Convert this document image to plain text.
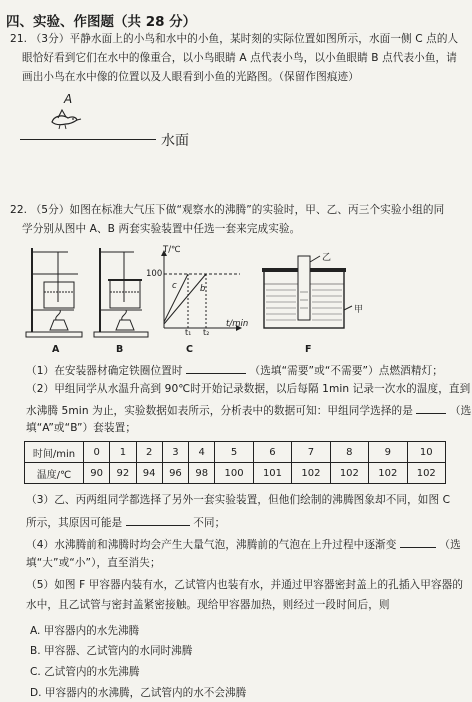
四、实验、作图题（共 28 分）
21. （3分）平静水面上的小鸟和水中的小鱼，某时刻的实际位置如图所示，水面一侧 C 点的人
眼恰好看到它们在水中的像重合，以小鸟眼睛 A 点代表小鸟，以小鱼眼睛 B 点代表小鱼，请
画出小鸟在水中像的位置以及人眼看到小鱼的光路图。（保留作图痕迹）
A
水面
22. （5分）如图在标准大气压下做“观察水的沸腾”的实验时，甲、乙、丙三个实验小组的同
学分别从图中 A、B 两套实验装置中任选一套来完成实验。
A	B
T/℃
100
t/min
c	b
t₁ t₂
C
乙
甲
F
（1）在安装器材确定铁圈位置时	（选填“需要”或“不需要”）点燃酒精灯；
（2）甲组同学从水温升高到 90℃时开始记录数据，以后每隔 1min 记录一次水的温度，直到
水沸腾 5min 为止，实验数据如表所示，分析表中的数据可知：甲组同学选择的是	（选
填“A”或“B”）套装置；
时间/min	0	1	2	3	4	5	6	7	8	9	10
温度/℃	90	92	94	96	98	100	101	102	102	102	102
（3）乙、丙两组同学都选择了另外一套实验装置，但他们绘制的沸腾图象却不同，如图 C
所示，其原因可能是	不同；
（4）水沸腾前和沸腾时均会产生大量气泡，沸腾前的气泡在上升过程中逐渐变	（选
填“大”或“小”），直至消失；
（5）如图 F 甲容器内装有水，乙试管内也装有水，并通过甲容器密封盖上的孔插入甲容器的
水中，且乙试管与密封盖紧密接触。现给甲容器加热，则经过一段时间后，则
A. 甲容器内的水先沸腾
B. 甲容器、乙试管内的水同时沸腾
C. 乙试管内的水先沸腾
D. 甲容器内的水沸腾，乙试管内的水不会沸腾
